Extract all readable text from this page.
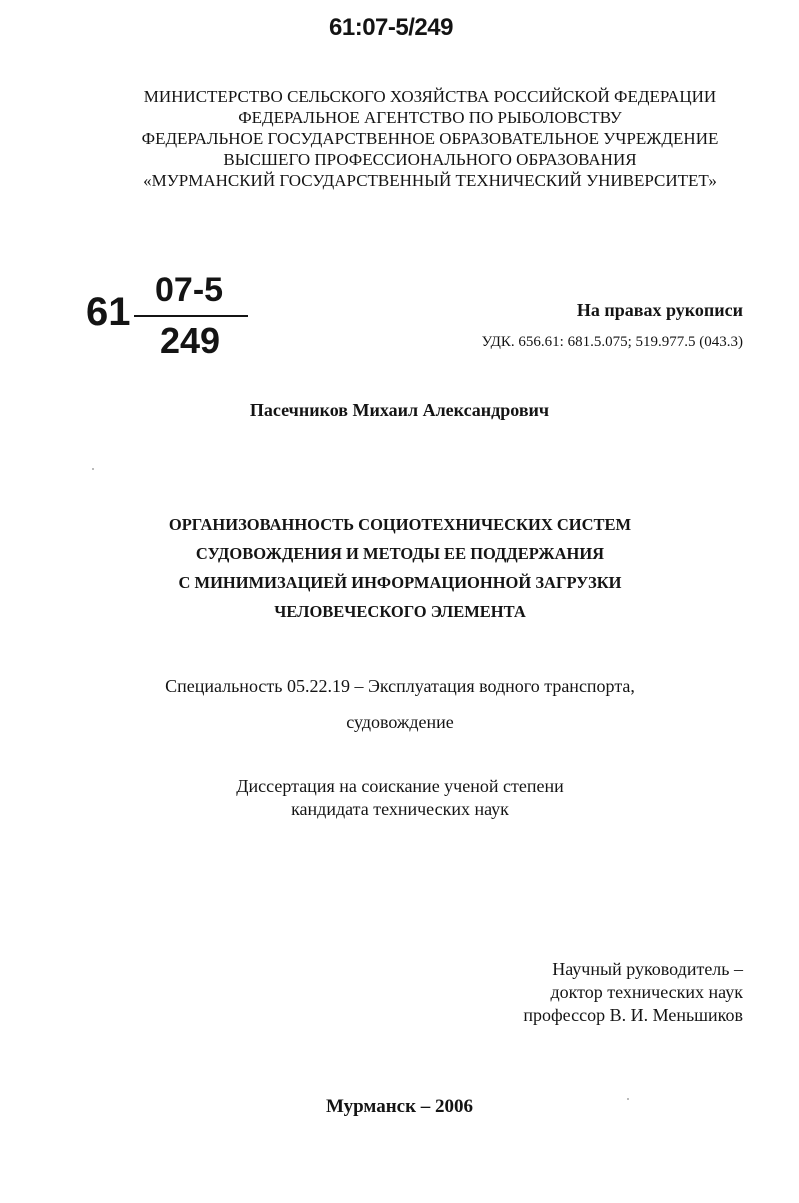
61:07-5/249
МИНИСТЕРСТВО СЕЛЬСКОГО ХОЗЯЙСТВА РОССИЙСКОЙ ФЕДЕРАЦИИ
ФЕДЕРАЛЬНОЕ АГЕНТСТВО ПО РЫБОЛОВСТВУ
ФЕДЕРАЛЬНОЕ ГОСУДАРСТВЕННОЕ ОБРАЗОВАТЕЛЬНОЕ УЧРЕЖДЕНИЕ
ВЫСШЕГО ПРОФЕССИОНАЛЬНОГО ОБРАЗОВАНИЯ
«МУРМАНСКИЙ ГОСУДАРСТВЕННЫЙ ТЕХНИЧЕСКИЙ УНИВЕРСИТЕТ»
61 07-5
249
На правах рукописи
УДК. 656.61: 681.5.075; 519.977.5 (043.3)
Пасечников Михаил Александрович
ОРГАНИЗОВАННОСТЬ СОЦИОТЕХНИЧЕСКИХ СИСТЕМ
СУДОВОЖДЕНИЯ И МЕТОДЫ ЕЕ ПОДДЕРЖАНИЯ
С МИНИМИЗАЦИЕЙ ИНФОРМАЦИОННОЙ ЗАГРУЗКИ
ЧЕЛОВЕЧЕСКОГО ЭЛЕМЕНТА
Специальность 05.22.19 – Эксплуатация водного транспорта,
судовождение
Диссертация на соискание ученой степени
кандидата технических наук
Научный руководитель –
доктор технических наук
профессор В. И. Меньшиков
Мурманск – 2006
